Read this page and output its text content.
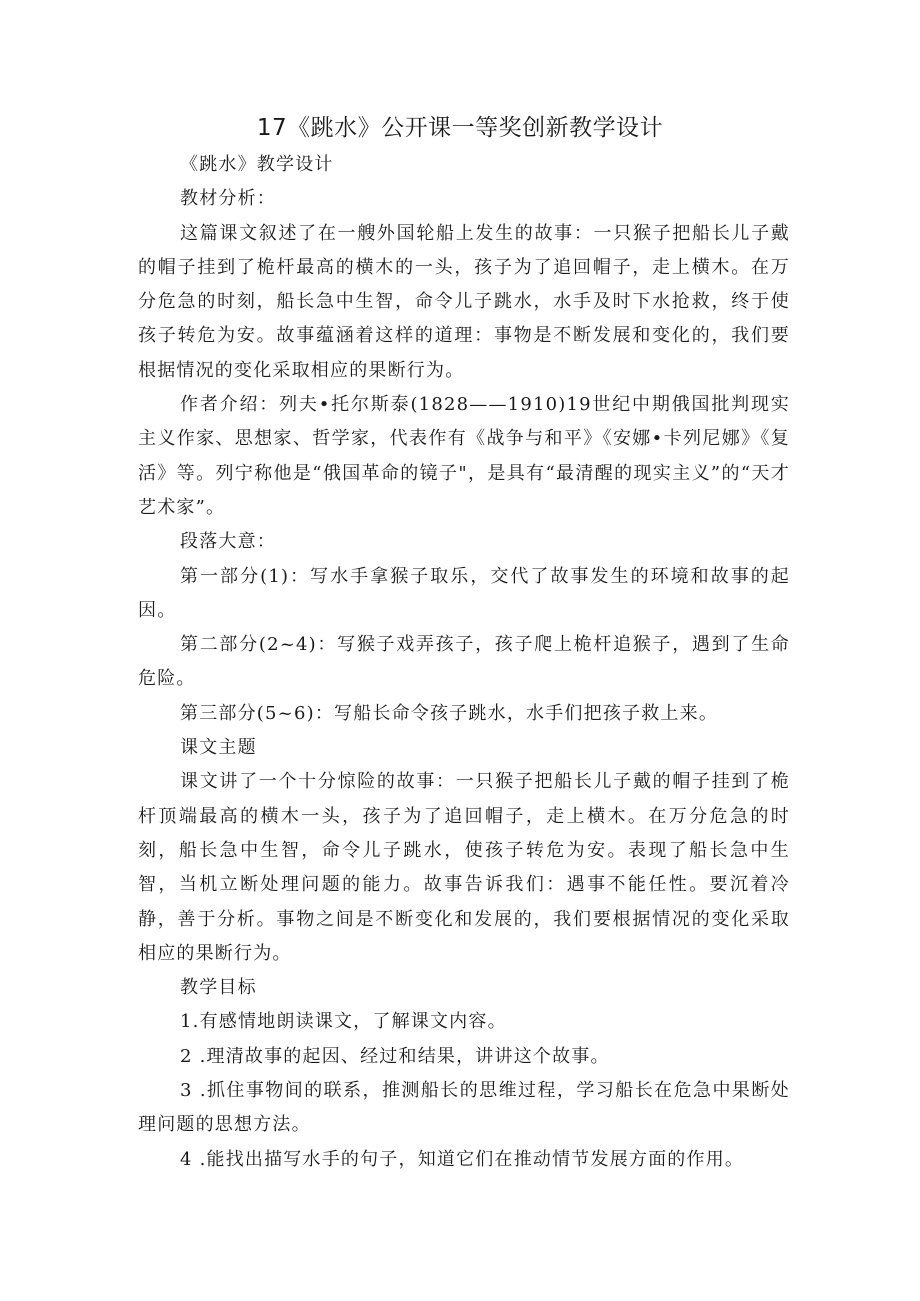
17《跳水》公开课一等奖创新教学设计

《跳水》教学设计

教材分析：

这篇课文叙述了在一艘外国轮船上发生的故事：一只猴子把船长儿子戴的帽子挂到了桅杆最高的横木的一头，孩子为了追回帽子，走上横木。在万分危急的时刻，船长急中生智，命令儿子跳水，水手及时下水抢救，终于使孩子转危为安。故事蕴涵着这样的道理：事物是不断发展和变化的，我们要根据情况的变化采取相应的果断行为。

作者介绍：列夫•托尔斯泰(1828——1910)19世纪中期俄国批判现实主义作家、思想家、哲学家，代表作有《战争与和平》《安娜•卡列尼娜》《复活》等。列宁称他是“俄国革命的镜子"，是具有“最清醒的现实主义”的“天才艺术家”。

段落大意：

第一部分(1)：写水手拿猴子取乐，交代了故事发生的环境和故事的起因。

第二部分(2~4)：写猴子戏弄孩子，孩子爬上桅杆追猴子，遇到了生命危险。

第三部分(5~6)：写船长命令孩子跳水，水手们把孩子救上来。

课文主题

课文讲了一个十分惊险的故事：一只猴子把船长儿子戴的帽子挂到了桅杆顶端最高的横木一头，孩子为了追回帽子，走上横木。在万分危急的时刻，船长急中生智，命令儿子跳水，使孩子转危为安。表现了船长急中生智，当机立断处理问题的能力。故事告诉我们：遇事不能任性。要沉着冷静，善于分析。事物之间是不断变化和发展的，我们要根据情况的变化采取相应的果断行为。

教学目标

1.有感情地朗读课文，了解课文内容。

2 .理清故事的起因、经过和结果，讲讲这个故事。

3 .抓住事物间的联系，推测船长的思维过程，学习船长在危急中果断处理问题的思想方法。

4 .能找出描写水手的句子，知道它们在推动情节发展方面的作用。
